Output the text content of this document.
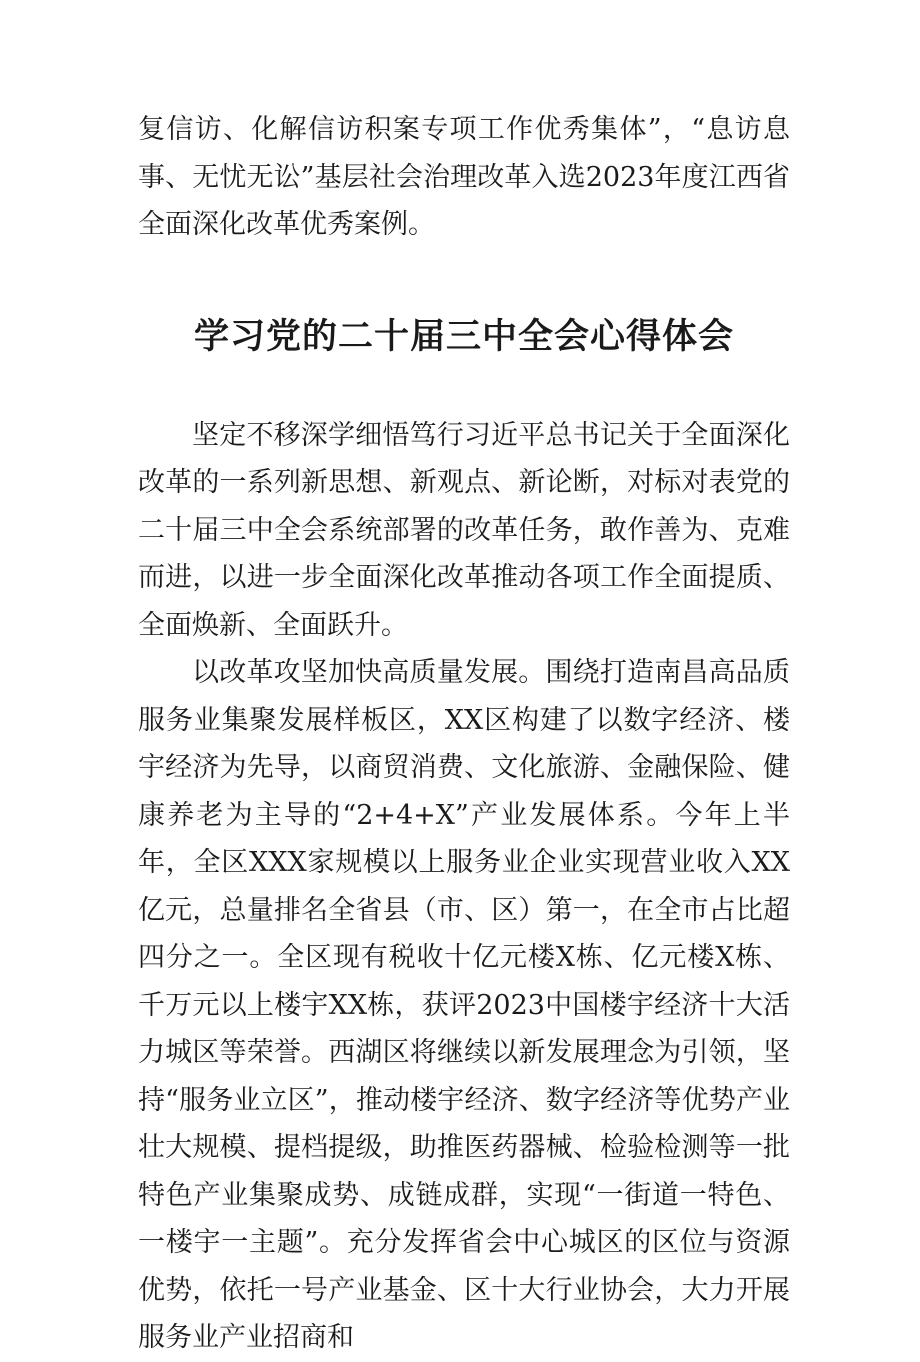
复信访、化解信访积案专项工作优秀集体”，“息访息事、无忧无讼”基层社会治理改革入选2023年度江西省全面深化改革优秀案例。

学习党的二十届三中全会心得体会

坚定不移深学细悟笃行习近平总书记关于全面深化改革的一系列新思想、新观点、新论断，对标对表党的二十届三中全会系统部署的改革任务，敢作善为、克难而进，以进一步全面深化改革推动各项工作全面提质、全面焕新、全面跃升。

以改革攻坚加快高质量发展。围绕打造南昌高品质服务业集聚发展样板区，XX区构建了以数字经济、楼宇经济为先导，以商贸消费、文化旅游、金融保险、健康养老为主导的“2+4+X”产业发展体系。今年上半年，全区XXX家规模以上服务业企业实现营业收入XX亿元，总量排名全省县（市、区）第一，在全市占比超四分之一。全区现有税收十亿元楼X栋、亿元楼X栋、千万元以上楼宇XX栋，获评2023中国楼宇经济十大活力城区等荣誉。西湖区将继续以新发展理念为引领，坚持“服务业立区”，推动楼宇经济、数字经济等优势产业壮大规模、提档提级，助推医药器械、检验检测等一批特色产业集聚成势、成链成群，实现“一街道一特色、一楼宇一主题”。充分发挥省会中心城区的区位与资源优势，依托一号产业基金、区十大行业协会，大力开展服务业产业招商和
